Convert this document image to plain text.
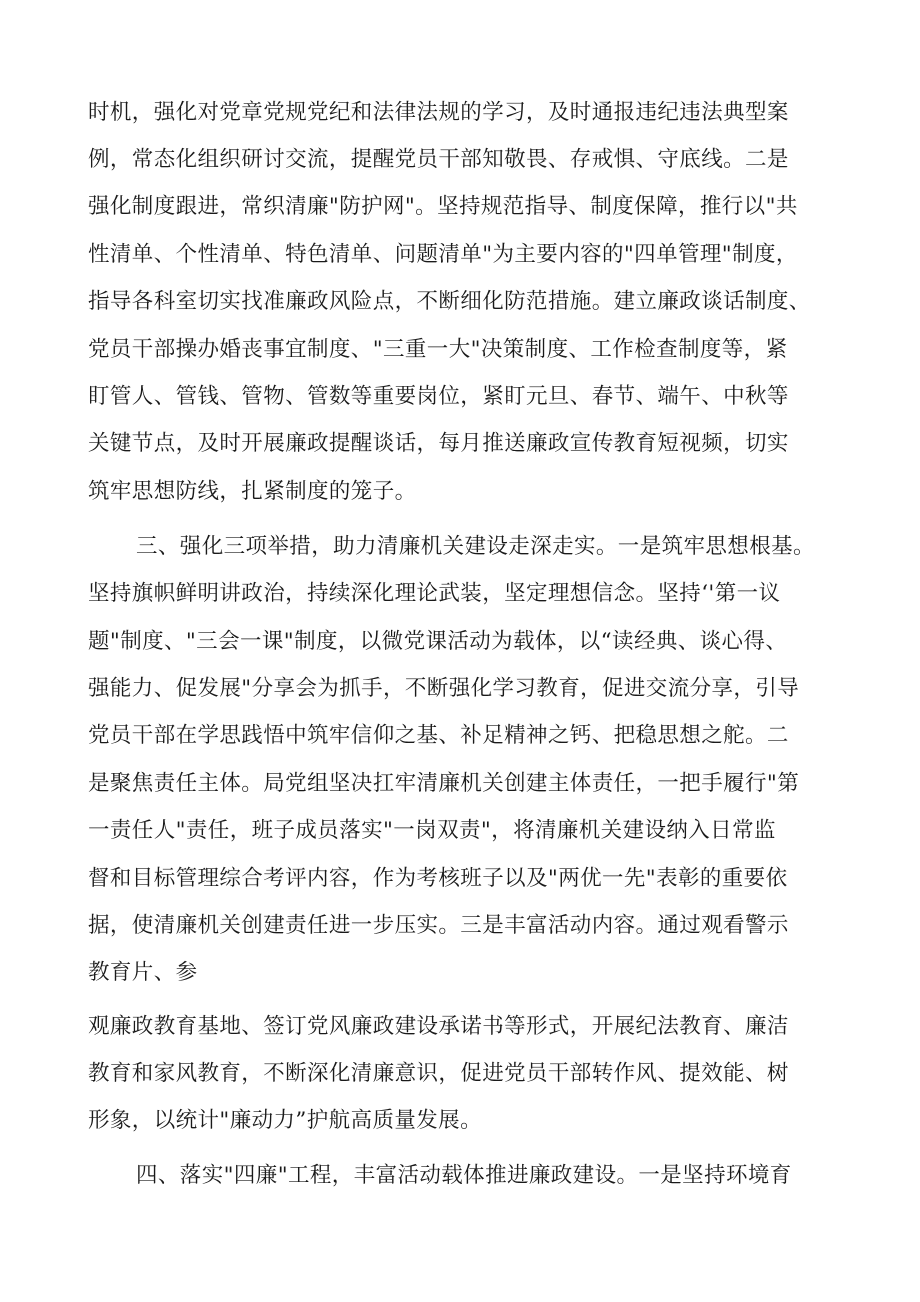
时机，强化对党章党规党纪和法律法规的学习，及时通报违纪违法典型案
例，常态化组织研讨交流，提醒党员干部知敬畏、存戒惧、守底线。二是
强化制度跟进，常织清廉"防护网"。坚持规范指导、制度保障，推行以"共
性清单、个性清单、特色清单、问题清单"为主要内容的"四单管理"制度，
指导各科室切实找准廉政风险点，不断细化防范措施。建立廉政谈话制度、
党员干部操办婚丧事宜制度、"三重一大"决策制度、工作检查制度等，紧
盯管人、管钱、管物、管数等重要岗位，紧盯元旦、春节、端午、中秋等
关键节点，及时开展廉政提醒谈话，每月推送廉政宣传教育短视频，切实
筑牢思想防线，扎紧制度的笼子。
三、强化三项举措，助力清廉机关建设走深走实。一是筑牢思想根基。
坚持旗帜鲜明讲政治，持续深化理论武装，坚定理想信念。坚持‘'第一议
题"制度、"三会一课"制度，以微党课活动为载体，以“读经典、谈心得、
强能力、促发展"分享会为抓手，不断强化学习教育，促进交流分享，引导
党员干部在学思践悟中筑牢信仰之基、补足精神之钙、把稳思想之舵。二
是聚焦责任主体。局党组坚决扛牢清廉机关创建主体责任，一把手履行"第
一责任人"责任，班子成员落实"一岗双责"，将清廉机关建设纳入日常监
督和目标管理综合考评内容，作为考核班子以及"两优一先"表彰的重要依
据，使清廉机关创建责任进一步压实。三是丰富活动内容。通过观看警示
教育片、参
观廉政教育基地、签订党风廉政建设承诺书等形式，开展纪法教育、廉洁
教育和家风教育，不断深化清廉意识，促进党员干部转作风、提效能、树
形象，以统计"廉动力”护航高质量发展。
四、落实"四廉"工程，丰富活动载体推进廉政建设。一是坚持环境育
